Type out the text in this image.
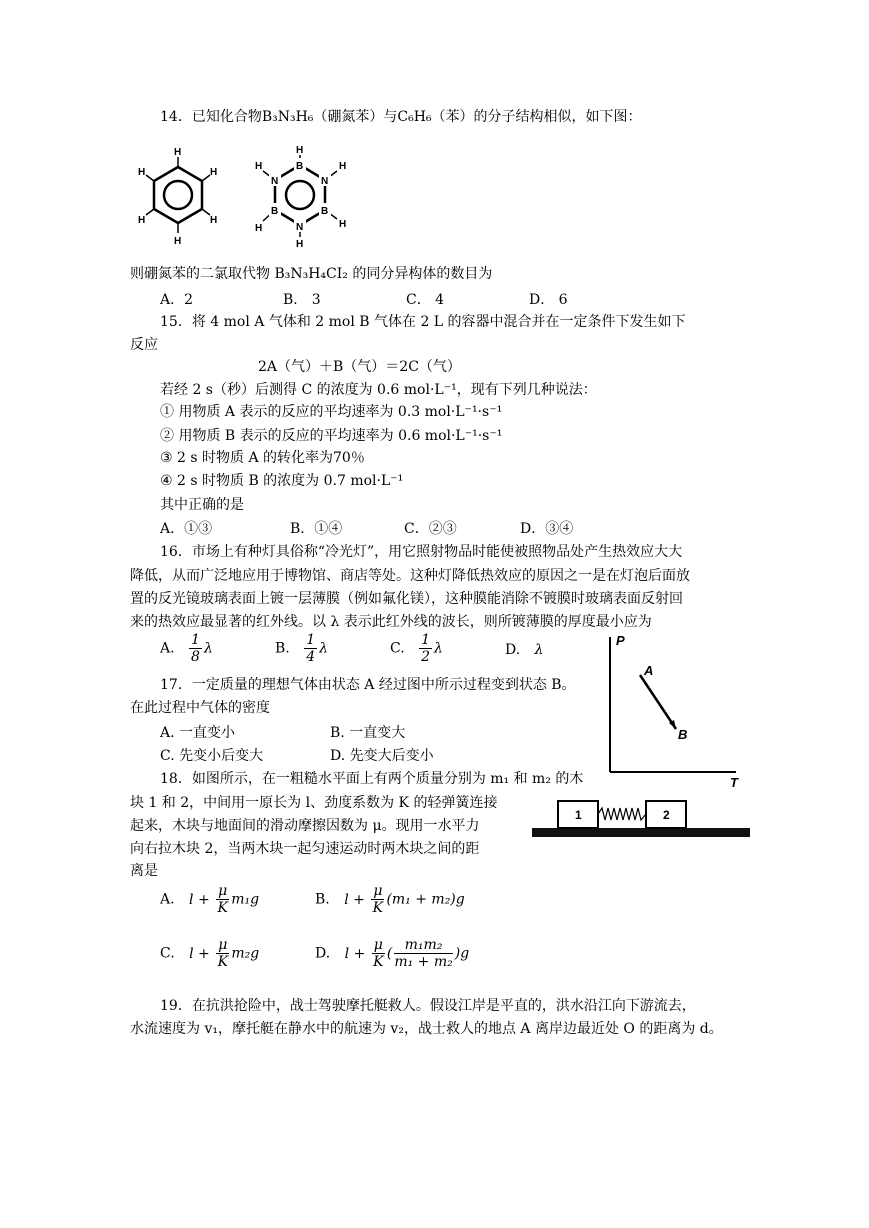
14．已知化合物B₃N₃H₆（硼氮苯）与C₆H₆（苯）的分子结构相似，如下图：
H
H
H
H
H
H
H
B
N
N
H	H
B
B
N	H
H
H
则硼氮苯的二氯取代物 B₃N₃H₄CI₂ 的同分异构体的数目为
A．2	B． 3	C． 4	D． 6
15．将 4 mol A 气体和 2 mol B 气体在 2 L 的容器中混合并在一定条件下发生如下
反应
2A（气）＋B（气）＝2C（气）
若经 2 s（秒）后测得 C 的浓度为 0.6 mol·L⁻¹，现有下列几种说法：
① 用物质 A 表示的反应的平均速率为 0.3 mol·L⁻¹·s⁻¹
② 用物质 B 表示的反应的平均速率为 0.6 mol·L⁻¹·s⁻¹
③ 2 s 时物质 A 的转化率为70％
④ 2 s 时物质 B 的浓度为 0.7 mol·L⁻¹
其中正确的是
A．①③	B．①④	C．②③	D．③④
16．市场上有种灯具俗称“冷光灯”，用它照射物品时能使被照物品处产生热效应大大
降低，从而广泛地应用于博物馆、商店等处。这种灯降低热效应的原因之一是在灯泡后面放
置的反光镜玻璃表面上镀一层薄膜（例如氟化镁），这种膜能消除不镀膜时玻璃表面反射回
来的热效应最显著的红外线。以 λ 表示此红外线的波长，则所镀薄膜的厚度最小应为
A. $\frac{1}{8}$ λ	B. $\frac{1}{4}$ λ	C. $\frac{1}{2}$ λ	D. λ
17．一定质量的理想气体由状态 A 经过图中所示过程变到状态 B。
在此过程中气体的密度
A. 一直变小	B. 一直变大
C. 先变小后变大	D. 先变大后变小
P
T
A
B
18．如图所示，在一粗糙水平面上有两个质量分别为 m₁ 和 m₂ 的木
块 1 和 2，中间用一原长为 l、劲度系数为 K 的轻弹簧连接
起来，木块与地面间的滑动摩擦因数为 μ。现用一水平力
向右拉木块 2，当两木块一起匀速运动时两木块之间的距
离是
1	2
A. $l + \frac{\mu}{K} m_1g$	B. $l + \frac{\mu}{K} (m_1 + m_2)g$
C. $l + \frac{\mu}{K} m_2g$	D. $l + \frac{\mu}{K}$ ( $\frac{\text{m₁m₂}}{\text{m₁ + m₂}} )g$
19．在抗洪抢险中，战士驾驶摩托艇救人。假设江岸是平直的，洪水沿江向下游流去，
水流速度为 v₁，摩托艇在静水中的航速为 v₂，战士救人的地点 A 离岸边最近处 O 的距离为 d。
